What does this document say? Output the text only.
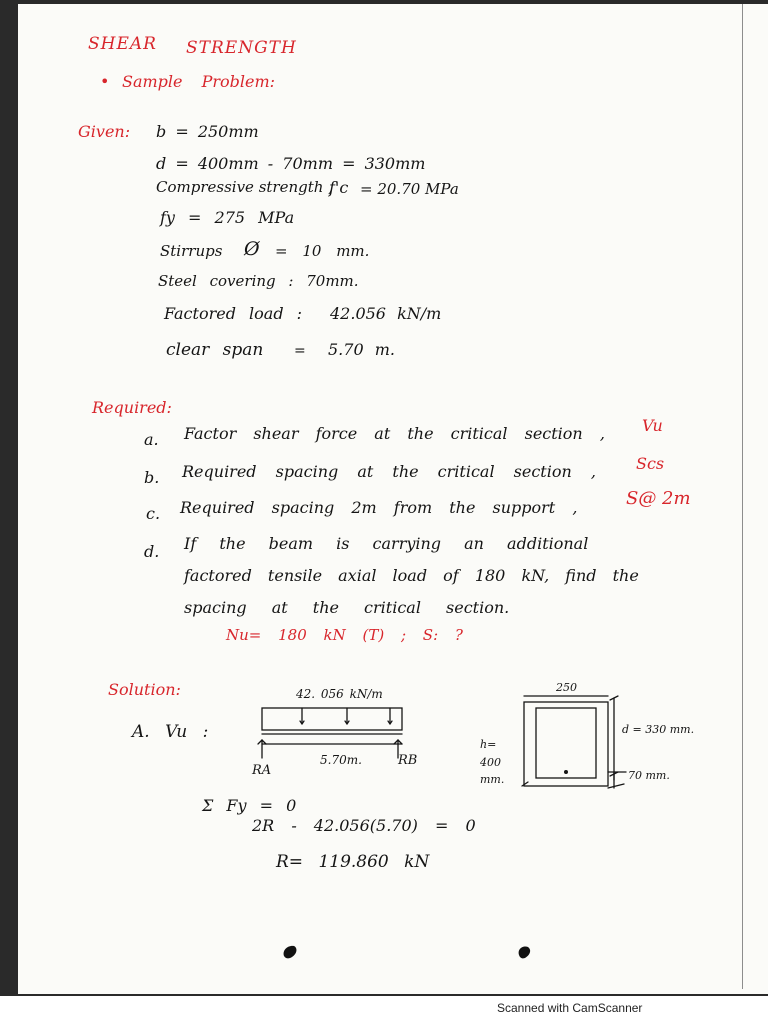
SHEAR STRENGTH
• Sample Problem:
Given: b = 250mm
d = 400mm - 70mm = 330mm
Compressive strength ,
f'c = 20.70 MPa
fy = 275 MPa
Stirrups Ø = 10 mm.
Steel covering : 70mm.
Factored load : 42.056 kN/m
clear span = 5.70 m.
Required:
a. Factor shear force at the critical section , Vu
b. Required spacing at the critical section ,	Scs
c. Required spacing 2m from the support ,	S@ 2m
d. If the beam is carrying an additional
factored tensile axial load of 180 kN, find the
spacing at the critical section.
Nu= 180 kN (T) ; S: ?
Solution:
A. Vu :
42. 056 kN/m
5.70m.
RA
RB
250
h= 400 mm.
d = 330 mm.
70 mm.
Σ Fy = 0
2R - 42.056(5.70) = 0
R= 119.860 kN
Scanned with CamScanner
